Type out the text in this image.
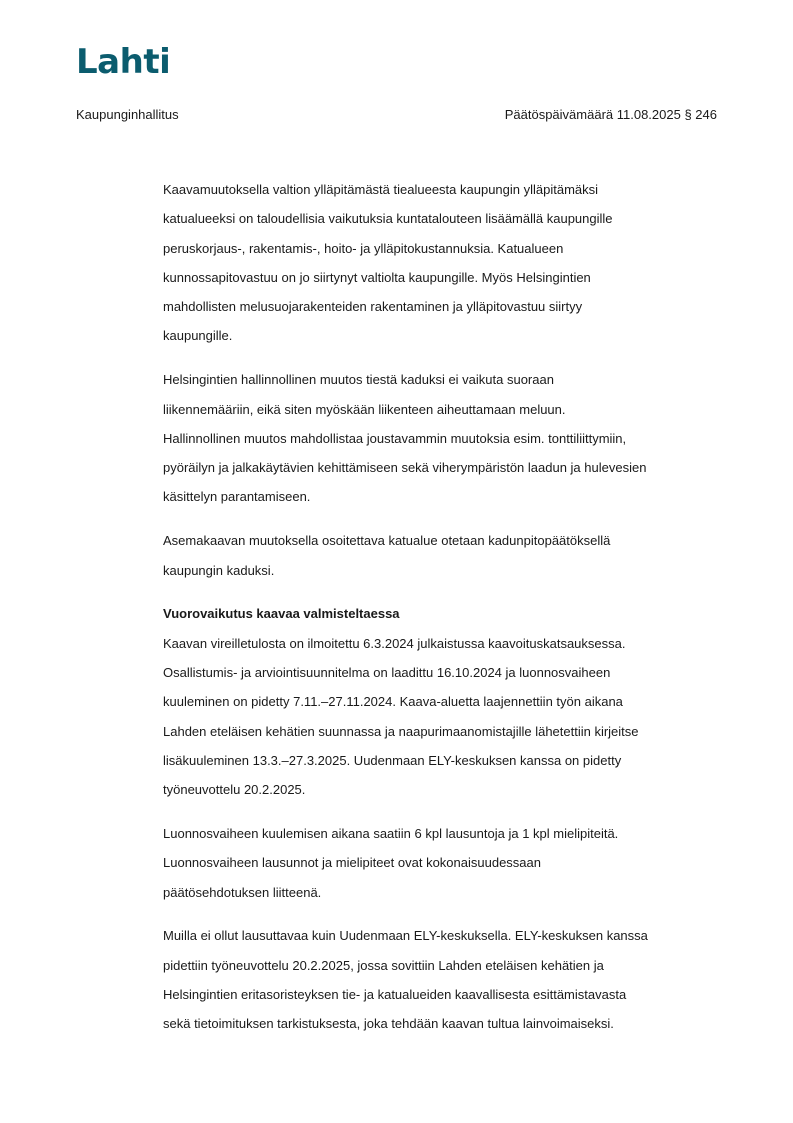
Lahti
Kaupunginhallitus	Päätöspäivämäärä 11.08.2025 § 246
Kaavamuutoksella valtion ylläpitämästä tiealueesta kaupungin ylläpitämäksi
katualueeksi on taloudellisia vaikutuksia kuntatalouteen lisäämällä kaupungille
peruskorjaus-, rakentamis-, hoito- ja ylläpitokustannuksia. Katualueen
kunnossapitovastuu on jo siirtynyt valtiolta kaupungille. Myös Helsingintien
mahdollisten melusuojarakenteiden rakentaminen ja ylläpitovastuu siirtyy
kaupungille.
Helsingintien hallinnollinen muutos tiestä kaduksi ei vaikuta suoraan
liikennemääriin, eikä siten myöskään liikenteen aiheuttamaan meluun.
Hallinnollinen muutos mahdollistaa joustavammin muutoksia esim. tonttiliittymiin,
pyöräilyn ja jalkakäytävien kehittämiseen sekä viherympäristön laadun ja hulevesien
käsittelyn parantamiseen.
Asemakaavan muutoksella osoitettava katualue otetaan kadunpitopäätöksellä
kaupungin kaduksi.
Vuorovaikutus kaavaa valmisteltaessa
Kaavan vireilletulosta on ilmoitettu 6.3.2024 julkaistussa kaavoituskatsauksessa.
Osallistumis- ja arviointisuunnitelma on laadittu 16.10.2024 ja luonnosvaiheen
kuuleminen on pidetty 7.11.–27.11.2024. Kaava-aluetta laajennettiin työn aikana
Lahden eteläisen kehätien suunnassa ja naapurimaanomistajille lähetettiin kirjeitse
lisäkuuleminen 13.3.–27.3.2025. Uudenmaan ELY-keskuksen kanssa on pidetty
työneuvottelu 20.2.2025.
Luonnosvaiheen kuulemisen aikana saatiin 6 kpl lausuntoja ja 1 kpl mielipiteitä.
Luonnosvaiheen lausunnot ja mielipiteet ovat kokonaisuudessaan
päätösehdotuksen liitteenä.
Muilla ei ollut lausuttavaa kuin Uudenmaan ELY-keskuksella. ELY-keskuksen kanssa
pidettiin työneuvottelu 20.2.2025, jossa sovittiin Lahden eteläisen kehätien ja
Helsingintien eritasoristeyksen tie- ja katualueiden kaavallisesta esittämistavasta
sekä tietoimituksen tarkistuksesta, joka tehdään kaavan tultua lainvoimaiseksi.
